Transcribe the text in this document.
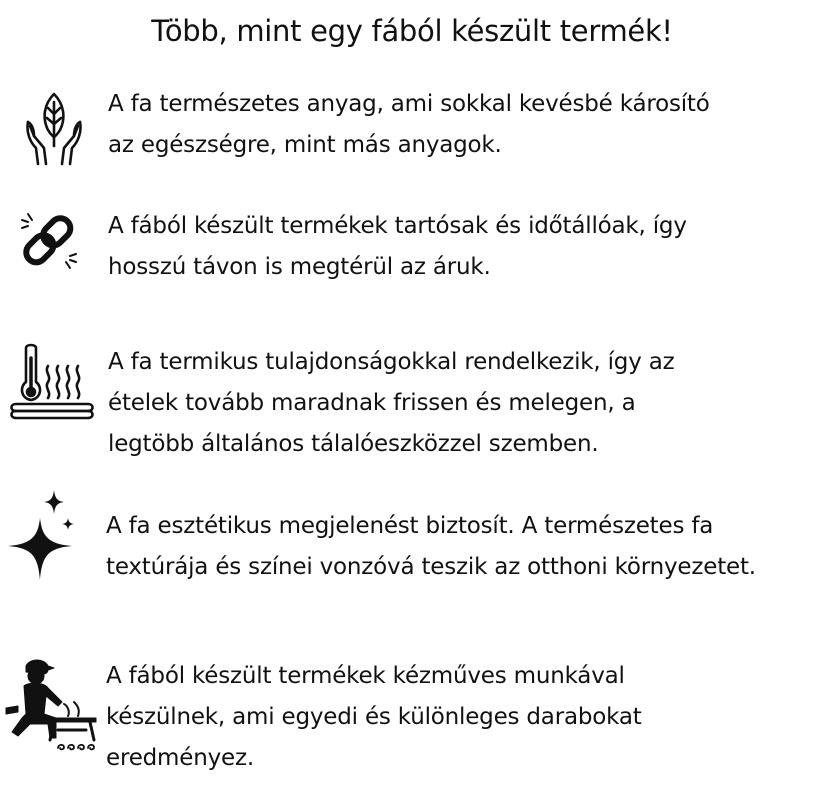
Több, mint egy fából készült termék!
A fa természetes anyag, ami sokkal kevésbé károsító
az egészségre, mint más anyagok.
A fából készült termékek tartósak és időtállóak, így
hosszú távon is megtérül az áruk.
A fa termikus tulajdonságokkal rendelkezik, így az
ételek tovább maradnak frissen és melegen, a
legtöbb általános tálalóeszközzel szemben.
A fa esztétikus megjelenést biztosít. A természetes fa
textúrája és színei vonzóvá teszik az otthoni környezetet.
A fából készült termékek kézműves munkával
készülnek, ami egyedi és különleges darabokat
eredményez.
